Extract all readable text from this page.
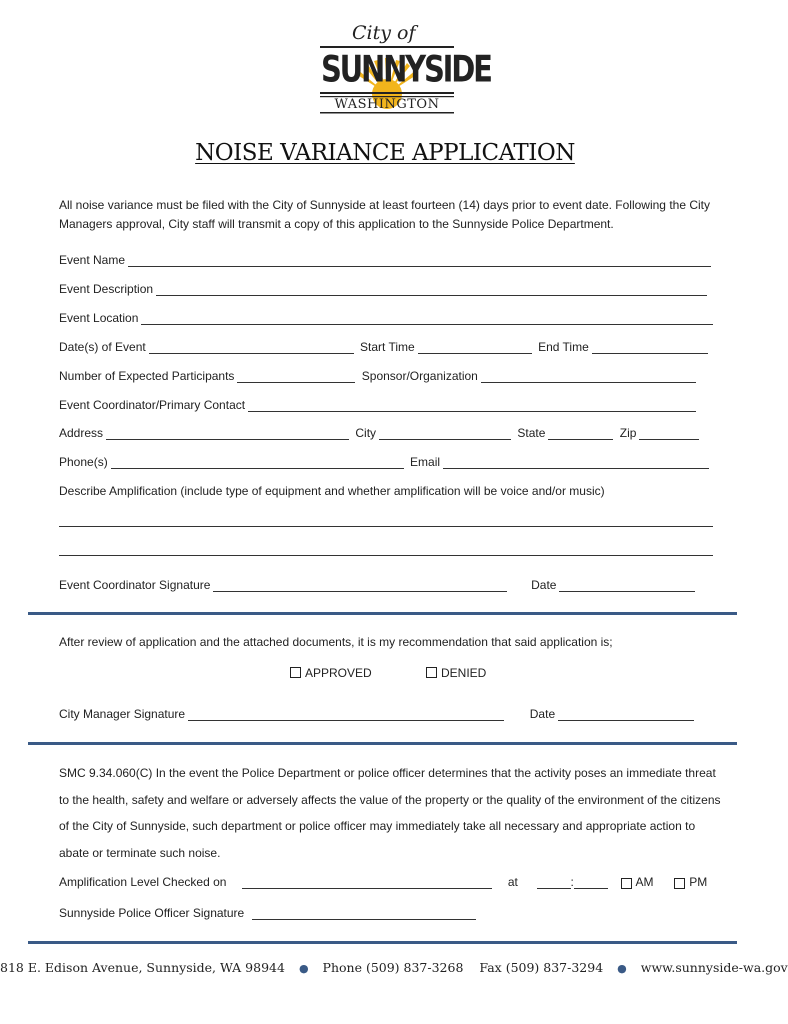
City of
SUNNYSIDE
WASHINGTON
NOISE VARIANCE APPLICATION
All noise variance must be filed with the City of Sunnyside at least fourteen (14) days prior to event date. Following the City Managers approval, City staff will transmit a copy of this application to the Sunnyside Police Department.
Event Name
Event Description
Event Location
Date(s) of Event	Start Time	End Time
Number of Expected Participants	Sponsor/Organization
Event Coordinator/Primary Contact
Address	City	State	Zip
Phone(s)	Email
Describe Amplification (include type of equipment and whether amplification will be voice and/or music)
Event Coordinator Signature	Date
After review of application and the attached documents, it is my recommendation that said application is;
APPROVED	DENIED
City Manager Signature	Date
SMC 9.34.060(C) In the event the Police Department or police officer determines that the activity poses an immediate threat to the health, safety and welfare or adversely affects the value of the property or the quality of the environment of the citizens of the City of Sunnyside, such department or police officer may immediately take all necessary and appropriate action to abate or terminate such noise.
Amplification Level Checked on	at	:	AM	PM
Sunnyside Police Officer Signature
818 E. Edison Avenue, Sunnyside, WA 98944 ● Phone (509) 837-3268 Fax (509) 837-3294 ● www.sunnyside-wa.gov
